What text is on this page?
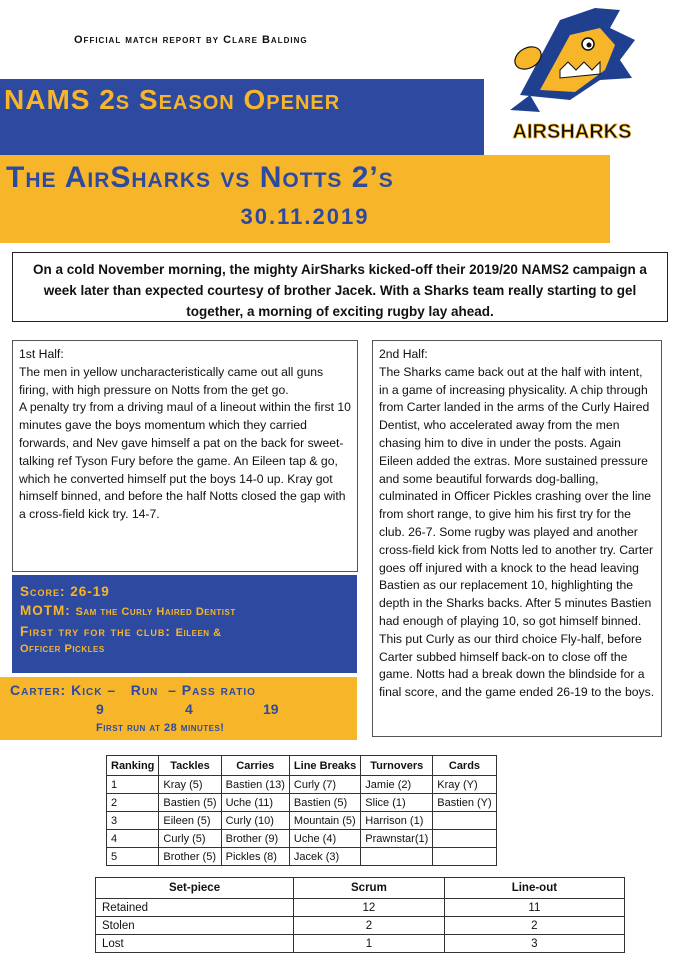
Official match report by Clare Balding
NAMS 2s Season Opener
The AirSharks vs Notts 2’s
30.11.2019
AIRSHARKS
On a cold November morning, the mighty AirSharks kicked-off their 2019/20 NAMS2 campaign a week later than expected courtesy of brother Jacek. With a Sharks team really starting to gel together, a morning of exciting rugby lay ahead.

1st Half:

The men in yellow uncharacteristically came out all guns firing, with high pressure on Notts from the get go.

A penalty try from a driving maul of a lineout within the first 10 minutes gave the boys momentum which they carried forwards, and Nev gave himself a pat on the back for sweet-talking ref Tyson Fury before the game. An Eileen tap & go, which he converted himself put the boys 14-0 up. Kray got himself binned, and before the half Notts closed the gap with a cross-field kick try. 14-7.

2nd Half:

The Sharks came back out at the half with intent, in a game of increasing physicality. A chip through from Carter landed in the arms of the Curly Haired Dentist, who accelerated away from the men chasing him to dive in under the posts. Again Eileen added the extras. More sustained pressure and some beautiful forwards dog-balling, culminated in Officer Pickles crashing over the line from short range, to give him his first try for the club. 26-7. Some rugby was played and another cross-field kick from Notts led to another try. Carter goes off injured with a knock to the head leaving Bastien as our replacement 10, highlighting the depth in the Sharks backs. After 5 minutes Bastien had enough of playing 10, so got himself binned. This put Curly as our third choice Fly-half, before Carter subbed himself back-on to close off the game. Notts had a break down the blindside for a final score, and the game ended 26-19 to the boys.

Score: 26-19
MOTM: Sam the Curly Haired Dentist
First try for the club: Eileen &
Officer Pickles
Carter: Kick –   Run  – Pass ratio
9	4	19
First run at 28 minutes!
Ranking	Tackles	Carries	Line Breaks	Turnovers	Cards
1	Kray (5)	Bastien (13)	Curly (7)	Jamie (2)	Kray (Y)
2	Bastien (5)	Uche (11)	Bastien (5)	Slice (1)	Bastien (Y)
3	Eileen (5)	Curly (10)	Mountain (5)	Harrison (1)	
4	Curly (5)	Brother (9)	Uche (4)	Prawnstar(1)	
5	Brother (5)	Pickles (8)	Jacek (3)		
Set-piece	Scrum	Line-out
Retained	12	11
Stolen	2	2
Lost	1	3
